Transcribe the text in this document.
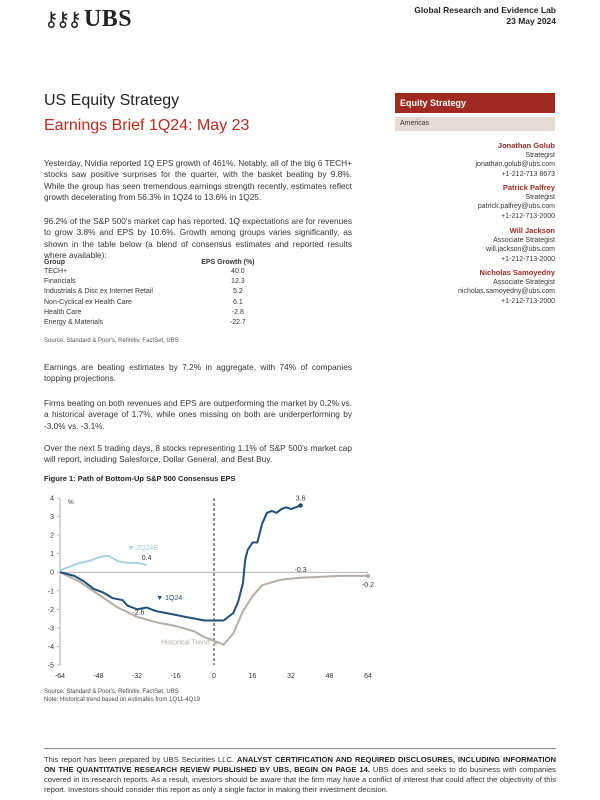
⚷⚷⚷ UBS	Global Research and Evidence Lab
23 May 2024
US Equity Strategy
Earnings Brief 1Q24: May 23
Yesterday, Nvidia reported 1Q EPS growth of 461%. Notably, all of the big 6 TECH+ stocks saw positive surprises for the quarter, with the basket beating by 9.8%. While the group has seen tremendous earnings strength recently, estimates reflect growth decelerating from 56.3% in 1Q24 to 13.6% in 1Q25.
96.2% of the S&P 500's market cap has reported. 1Q expectations are for revenues to grow 3.8% and EPS by 10.6%. Growth among groups varies significantly, as shown in the table below (a blend of consensus estimates and reported results where available):
Group	EPS Growth (%)
TECH+	40.0
Financials	12.3
Industrials & Disc ex Internet Retail	5.2
Non-Cyclical ex Health Care	6.1
Health Care	-2.8
Energy & Materials	-22.7
Source: Standard & Poor's, Refinitiv, FactSet, UBS
Earnings are beating estimates by 7.2% in aggregate, with 74% of companies topping projections.
Firms beating on both revenues and EPS are outperforming the market by 0.2% vs. a historical average of 1.7%, while ones missing on both are underperforming by -3.0% vs. -3.1%.
Over the next 5 trading days, 8 stocks representing 1.1% of S&P 500's market cap will report, including Salesforce, Dollar General, and Best Buy.
Equity Strategy
Americas
Jonathan Golub
Strategist
jonathan.golub@ubs.com
+1-212-713 8673
Patrick Palfrey
Strategist
patrick.palfrey@ubs.com
+1-212-713-2000
Will Jackson
Associate Strategist
will.jackson@ubs.com
+1-212-713-2000
Nicholas Samoyedny
Associate Strategist
nicholas.samoyedny@ubs.com
+1-212-713-2000
Figure 1: Path of Bottom-Up S&P 500 Consensus EPS
4
3
2
1
0
-1
-2
-3
-4
-5
%
-64	-48	-32	-16	0	16	32	48	64
3.6
0.4
-2.6
-0.3
-0.2
▼ 2Q24E
▼ 1Q24
Historical Trend ▲
Source: Standard & Poor's, Refinitiv, FactSet, UBS
Note: Historical trend based on estimates from 1Q11-4Q19
This report has been prepared by UBS Securities LLC. ANALYST CERTIFICATION AND REQUIRED DISCLOSURES, INCLUDING INFORMATION ON THE QUANTITATIVE RESEARCH REVIEW PUBLISHED BY UBS, BEGIN ON PAGE 14. UBS does and seeks to do business with companies covered in its research reports. As a result, investors should be aware that the firm may have a conflict of interest that could affect the objectivity of this report. Investors should consider this report as only a single factor in making their investment decision.
